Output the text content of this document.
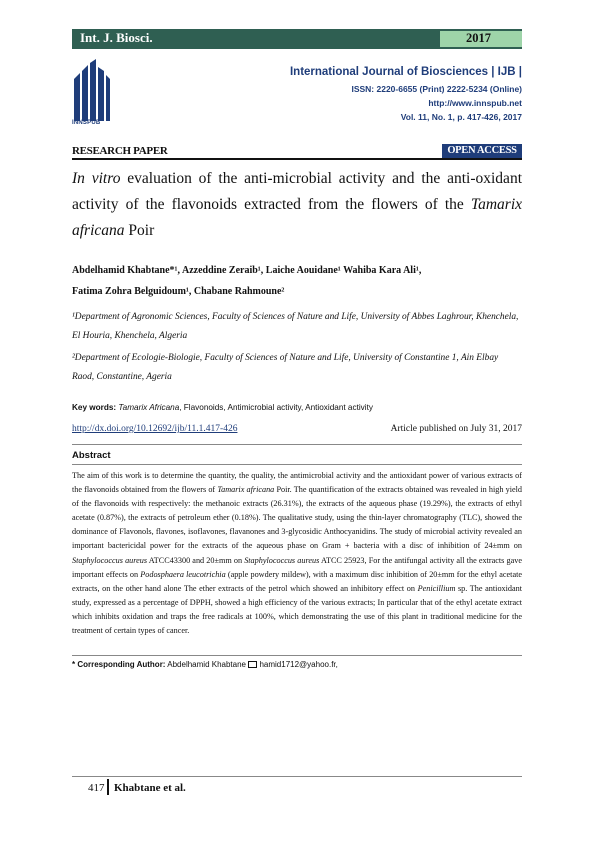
Int. J. Biosci.	2017
INNSPUB
International Journal of Biosciences | IJB |
ISSN: 2220-6655 (Print) 2222-5234 (Online)
http://www.innspub.net
Vol. 11, No. 1, p. 417-426, 2017
RESEARCH PAPER	OPEN ACCESS
In vitro evaluation of the anti-microbial activity and the anti-oxidant activity of the flavonoids extracted from the flowers of the Tamarix africana Poir
Abdelhamid Khabtane*¹, Azzeddine Zeraib¹, Laiche Aouidane¹ Wahiba Kara Ali¹,
Fatima Zohra Belguidoum¹, Chabane Rahmoune²
¹Department of Agronomic Sciences, Faculty of Sciences of Nature and Life, University of Abbes Laghrour, Khenchela, El Houria, Khenchela, Algeria
²Department of Ecologie-Biologie, Faculty of Sciences of Nature and Life, University of Constantine 1, Ain Elbay Raod, Constantine, Ageria
Key words: Tamarix Africana, Flavonoids, Antimicrobial activity, Antioxidant activity
http://dx.doi.org/10.12692/ijb/11.1.417-426	Article published on July 31, 2017
Abstract
The aim of this work is to determine the quantity, the quality, the antimicrobial activity and the antioxidant power of various extracts of the flavonoids obtained from the flowers of Tamarix africana Poir. The quantification of the extracts obtained was revealed in high yield of the flavonoids with respectively: the methanoic extracts (26.31%), the extracts of the aqueous phase (19.29%), the extracts of ethyl acetate (0.87%), the extracts of petroleum ether (0.18%). The qualitative study, using the thin-layer chromatography (TLC), showed the dominance of Flavonols, flavones, isoflavones, flavanones and 3-glycosidic Anthocyanidins. The study of microbial activity revealed an important bactericidal power for the extracts of the aqueous phase on Gram + bacteria with a disc of inhibition of 24±mm on Staphylococcus aureus ATCC43300 and 20±mm on Staphylococcus aureus ATCC 25923, For the antifungal activity all the extracts gave important effects on Podosphaera leucotrichia (apple powdery mildew), with a maximum disc inhibition of 20±mm for the ethyl acetate extracts, on the other hand alone The ether extracts of the petrol which showed an inhibitory effect on Penicillium sp. The antioxidant study, expressed as a percentage of DPPH, showed a high efficiency of the various extracts; In particular that of the ethyl acetate extract which inhibits oxidation and traps the free radicals at 100%, which demonstrating the use of this plant in traditional medicine for the treatment of certain types of cancer.
* Corresponding Author: Abdelhamid Khabtane hamid1712@yahoo.fr,
417 Khabtane et al.
